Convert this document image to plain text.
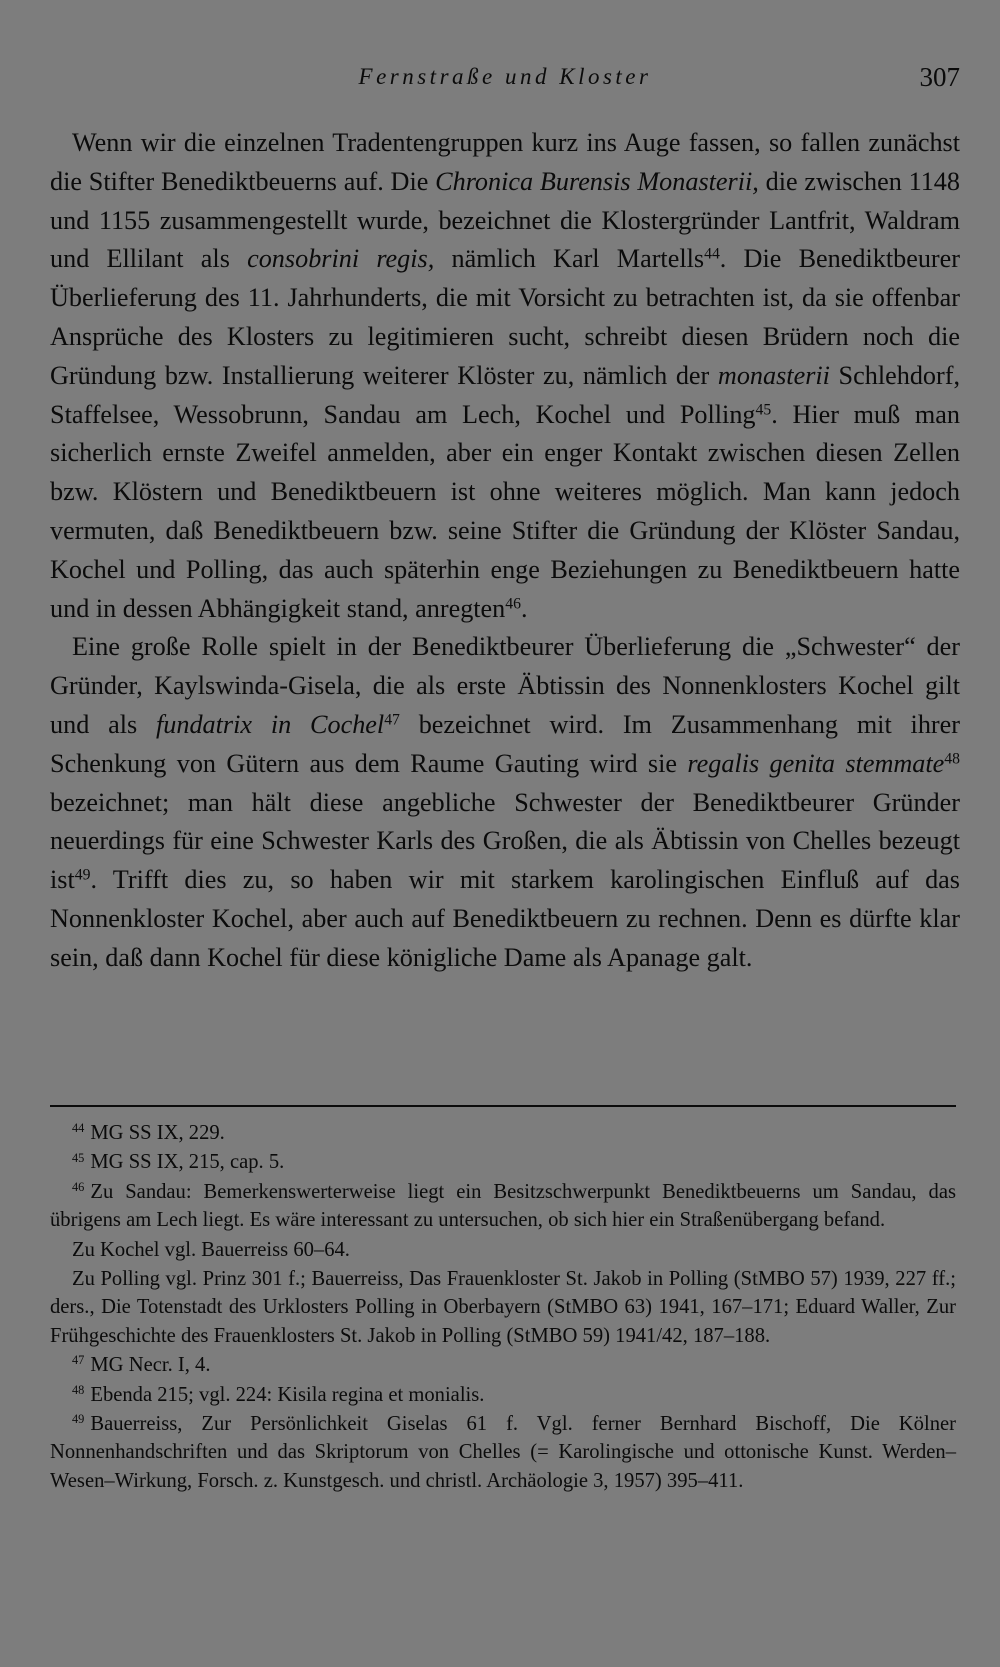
Fernstraße und Kloster	307

Wenn wir die einzelnen Tradentengruppen kurz ins Auge fassen, so fallen zunächst die Stifter Benediktbeuerns auf. Die Chronica Burensis Monasterii, die zwischen 1148 und 1155 zusammengestellt wurde, bezeichnet die Klostergründer Lantfrit, Waldram und Ellilant als consobrini regis, nämlich Karl Martells$^{44}$. Die Benediktbeurer Überlieferung des 11. Jahrhunderts, die mit Vorsicht zu betrachten ist, da sie offenbar Ansprüche des Klosters zu legitimieren sucht, schreibt diesen Brüdern noch die Gründung bzw. Installierung weiterer Klöster zu, nämlich der monasterii Schlehdorf, Staffelsee, Wessobrunn, Sandau am Lech, Kochel und Polling$^{45}$. Hier muß man sicherlich ernste Zweifel anmelden, aber ein enger Kontakt zwischen diesen Zellen bzw. Klöstern und Benediktbeuern ist ohne weiteres möglich. Man kann jedoch vermuten, daß Benediktbeuern bzw. seine Stifter die Gründung der Klöster Sandau, Kochel und Polling, das auch späterhin enge Beziehungen zu Benediktbeuern hatte und in dessen Abhängigkeit stand, anregten$^{46}$.

Eine große Rolle spielt in der Benediktbeurer Überlieferung die „Schwester“ der Gründer, Kaylswinda-Gisela, die als erste Äbtissin des Nonnenklosters Kochel gilt und als fundatrix in Cochel$^{47}$ bezeichnet wird. Im Zusammenhang mit ihrer Schenkung von Gütern aus dem Raume Gauting wird sie regalis genita stemmate$^{48}$ bezeichnet; man hält diese angebliche Schwester der Benediktbeurer Gründer neuerdings für eine Schwester Karls des Großen, die als Äbtissin von Chelles bezeugt ist$^{49}$. Trifft dies zu, so haben wir mit starkem karolingischen Einfluß auf das Nonnenkloster Kochel, aber auch auf Benediktbeuern zu rechnen. Denn es dürfte klar sein, daß dann Kochel für diese königliche Dame als Apanage galt.

$^{44}$ MG SS IX, 229.
$^{45}$ MG SS IX, 215, cap. 5.
$^{46}$ Zu Sandau: Bemerkenswerterweise liegt ein Besitzschwerpunkt Benediktbeuerns um Sandau, das übrigens am Lech liegt. Es wäre interessant zu untersuchen, ob sich hier ein Straßenübergang befand.
Zu Kochel vgl. Bauerreiss 60–64.
Zu Polling vgl. Prinz 301 f.; Bauerreiss, Das Frauenkloster St. Jakob in Polling (StMBO 57) 1939, 227 ff.; ders., Die Totenstadt des Urklosters Polling in Oberbayern (StMBO 63) 1941, 167–171; Eduard Waller, Zur Frühgeschichte des Frauenklosters St. Jakob in Polling (StMBO 59) 1941/42, 187–188.
$^{47}$ MG Necr. I, 4.
$^{48}$ Ebenda 215; vgl. 224: Kisila regina et monialis.
$^{49}$ Bauerreiss, Zur Persönlichkeit Giselas 61 f. Vgl. ferner Bernhard Bischoff, Die Kölner Nonnenhandschriften und das Skriptorum von Chelles (= Karolingische und ottonische Kunst. Werden–Wesen–Wirkung, Forsch. z. Kunstgesch. und christl. Archäologie 3, 1957) 395–411.
